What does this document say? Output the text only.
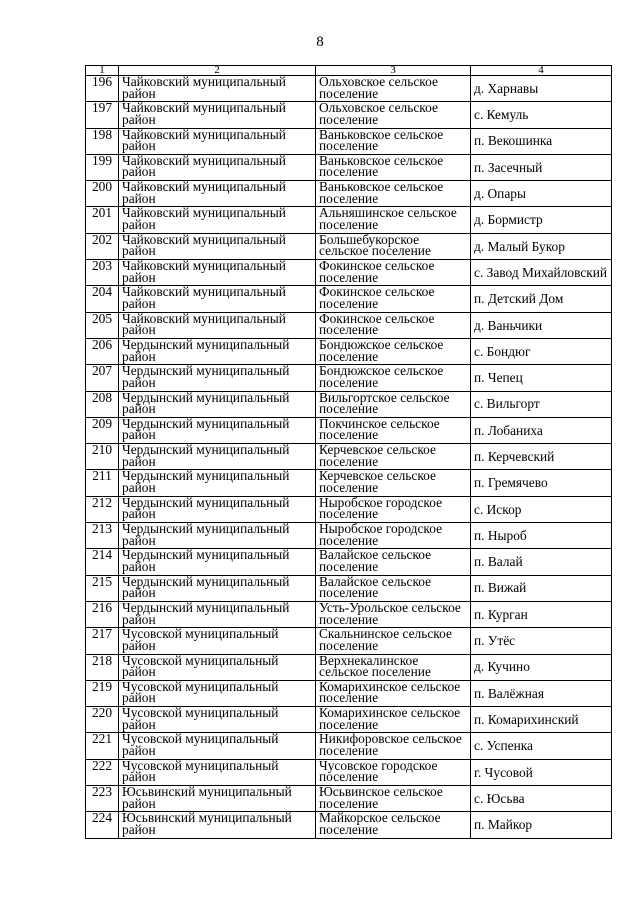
8
1	2	3	4
196	Чайковский муниципальный район	Ольховское сельское поселение	д. Харнавы
197	Чайковский муниципальный район	Ольховское сельское поселение	с. Кемуль
198	Чайковский муниципальный район	Ваньковское сельское поселение	п. Векошинка
199	Чайковский муниципальный район	Ваньковское сельское поселение	п. Засечный
200	Чайковский муниципальный район	Ваньковское сельское поселение	д. Опары
201	Чайковский муниципальный район	Альняшинское сельское поселение	д. Бормистр
202	Чайковский муниципальный район	Большебукорское сельское поселение	д. Малый Букор
203	Чайковский муниципальный район	Фокинское сельское поселение	с. Завод Михайловский
204	Чайковский муниципальный район	Фокинское сельское поселение	п. Детский Дом
205	Чайковский муниципальный район	Фокинское сельское поселение	д. Ваньчики
206	Чердынский муниципальный район	Бондюжское сельское поселение	с. Бондюг
207	Чердынский муниципальный район	Бондюжское сельское поселение	п. Чепец
208	Чердынский муниципальный район	Вильгортское сельское поселение	с. Вильгорт
209	Чердынский муниципальный район	Покчинское сельское поселение	п. Лобаниха
210	Чердынский муниципальный район	Керчевское сельское поселение	п. Керчевский
211	Чердынский муниципальный район	Керчевское сельское поселение	п. Гремячево
212	Чердынский муниципальный район	Ныробское городское поселение	с. Искор
213	Чердынский муниципальный район	Ныробское городское поселение	п. Ныроб
214	Чердынский муниципальный район	Валайское сельское поселение	п. Валай
215	Чердынский муниципальный район	Валайское сельское поселение	п. Вижай
216	Чердынский муниципальный район	Усть-Урольское сельское поселение	п. Курган
217	Чусовской муниципальный район	Скальнинское сельское поселение	п. Утёс
218	Чусовской муниципальный район	Верхнекалинское сельское поселение	д. Кучино
219	Чусовской муниципальный район	Комарихинское сельское поселение	п. Валёжная
220	Чусовской муниципальный район	Комарихинское сельское поселение	п. Комарихинский
221	Чусовской муниципальный район	Никифоровское сельское поселение	с. Успенка
222	Чусовской муниципальный район	Чусовское городское поселение	г. Чусовой
223	Юсьвинский муниципальный район	Юсьвинское сельское поселение	с. Юсьва
224	Юсьвинский муниципальный район	Майкорское сельское поселение	п. Майкор
